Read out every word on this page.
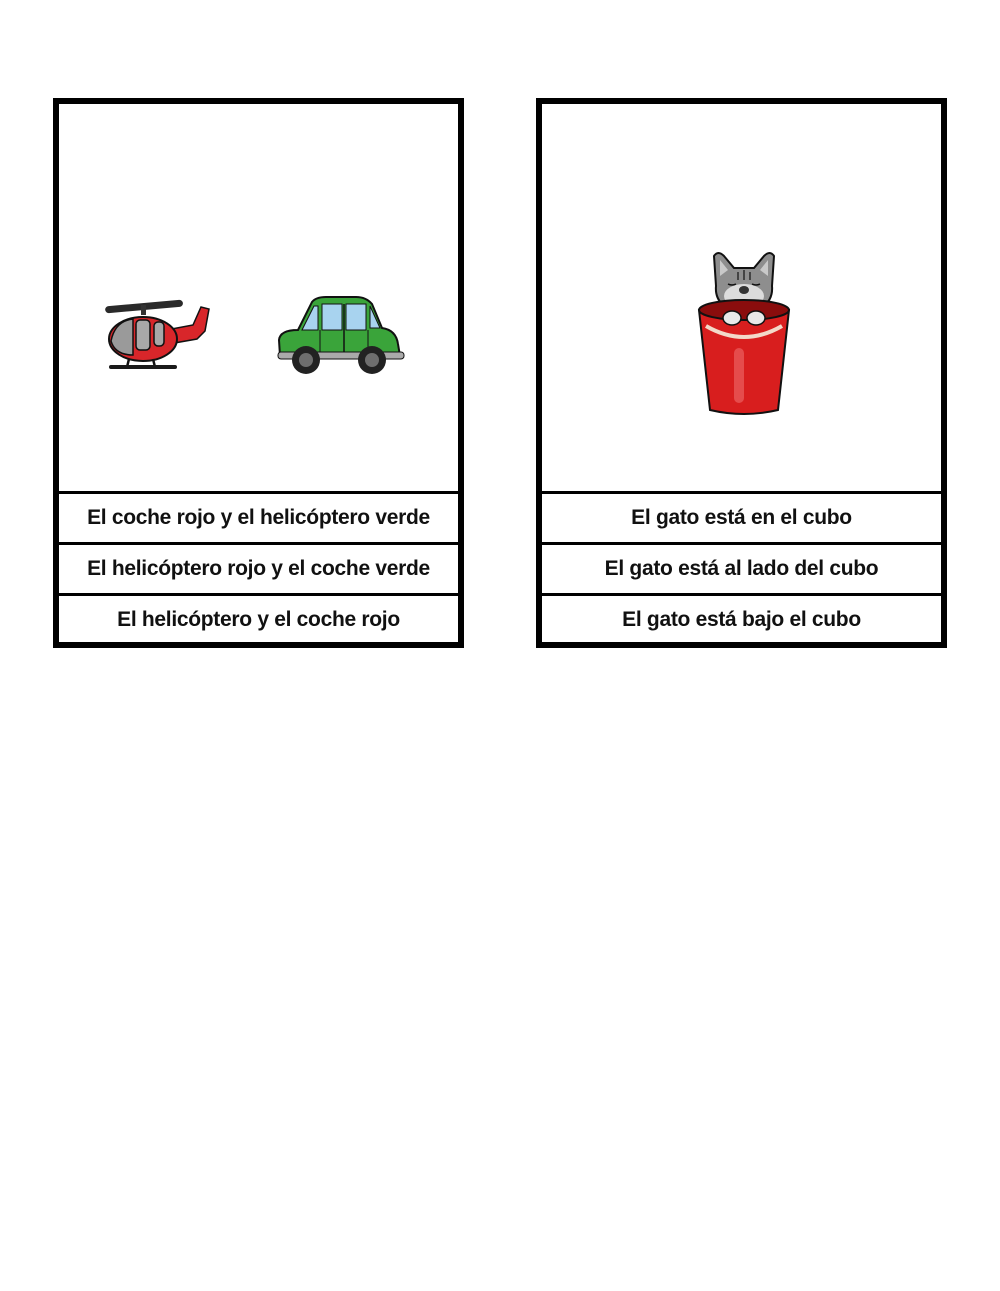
El coche rojo y el helicóptero verde
El helicóptero rojo y el coche verde
El helicóptero y el coche rojo
El gato está en el cubo
El gato está al lado del cubo
El gato está bajo el cubo
